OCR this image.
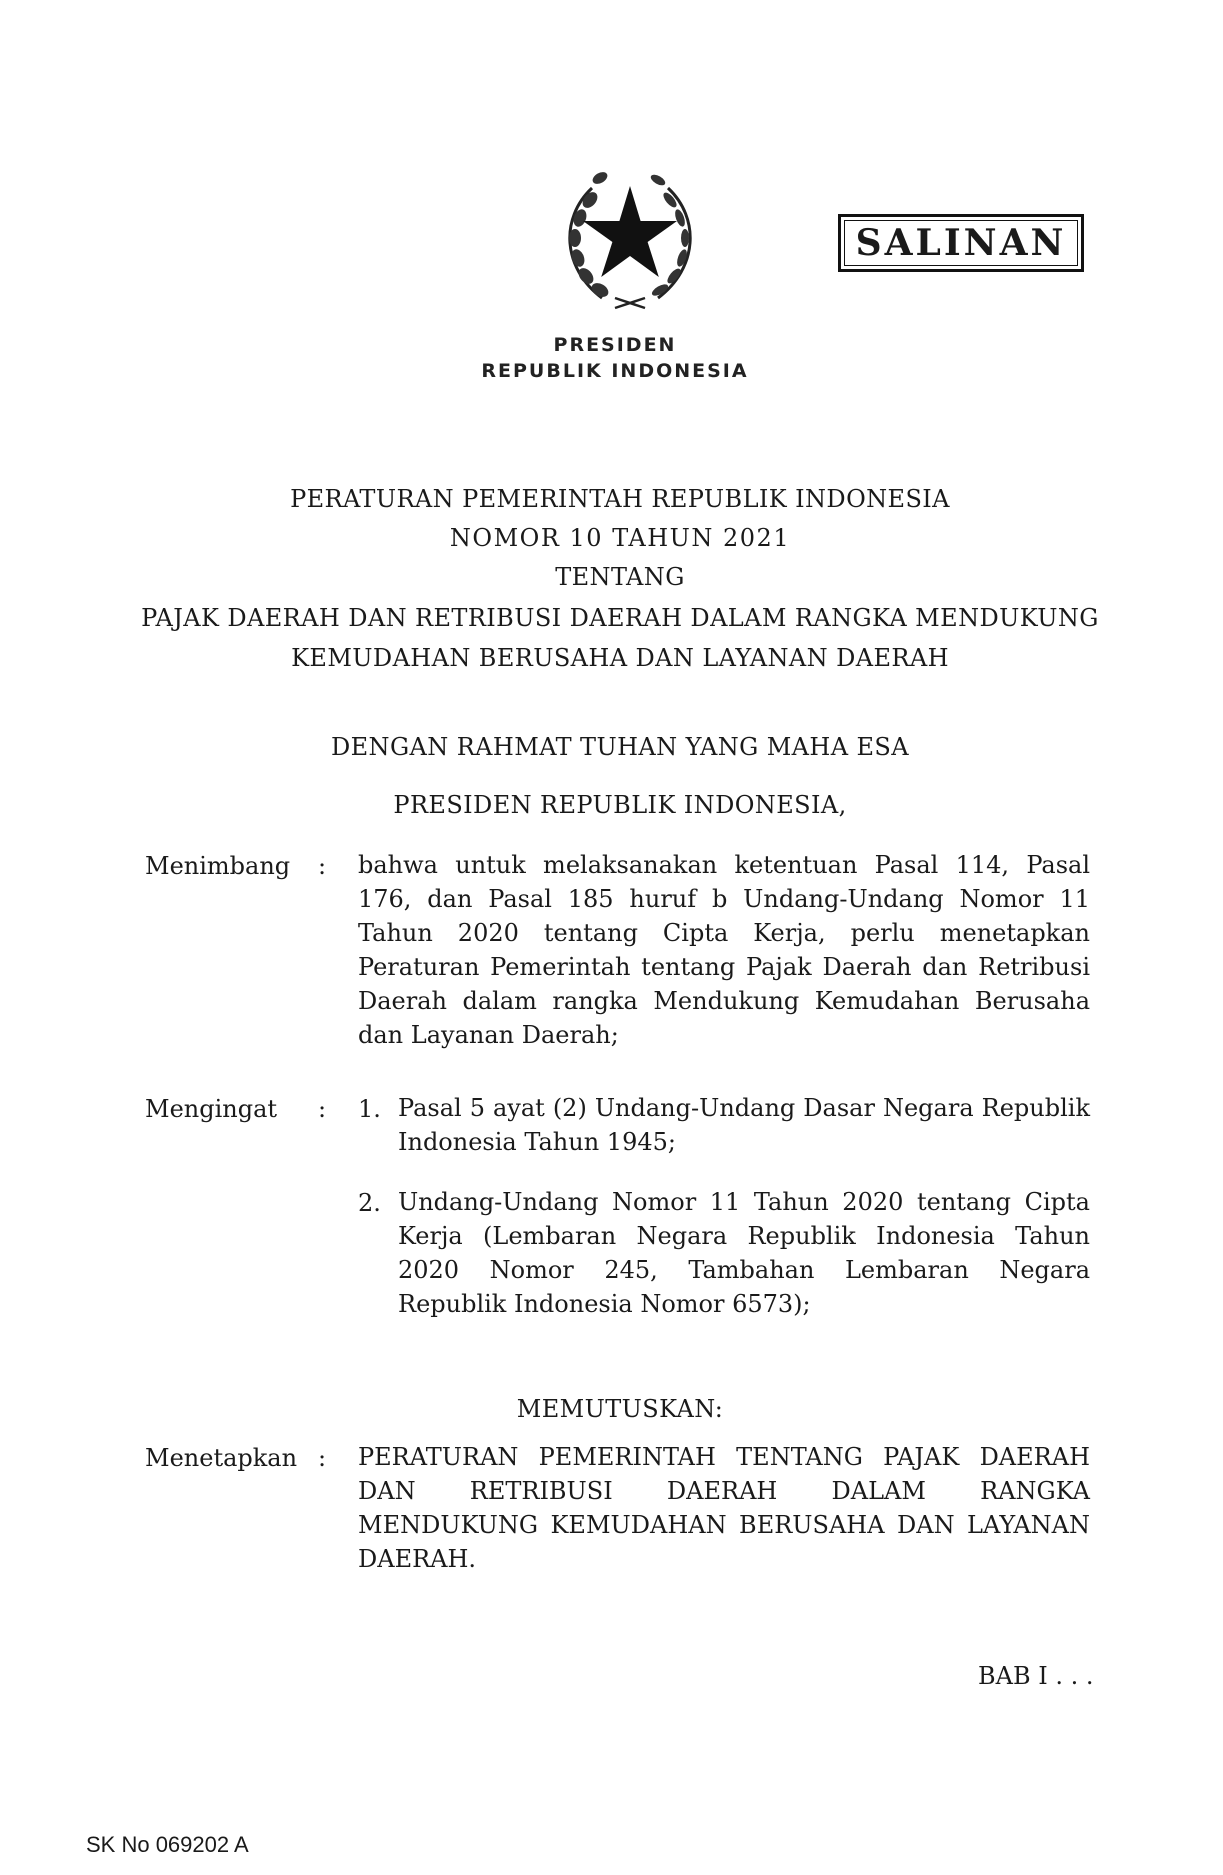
PRESIDEN
REPUBLIK INDONESIA
SALINAN
PERATURAN PEMERINTAH REPUBLIK INDONESIA
NOMOR 10 TAHUN 2021
TENTANG
PAJAK DAERAH DAN RETRIBUSI DAERAH DALAM RANGKA MENDUKUNG
KEMUDAHAN BERUSAHA DAN LAYANAN DAERAH
DENGAN RAHMAT TUHAN YANG MAHA ESA
PRESIDEN REPUBLIK INDONESIA,
Menimbang : bahwa untuk melaksanakan ketentuan Pasal 114, Pasal 176, dan Pasal 185 huruf b Undang-Undang Nomor 11 Tahun 2020 tentang Cipta Kerja, perlu menetapkan Peraturan Pemerintah tentang Pajak Daerah dan Retribusi Daerah dalam rangka Mendukung Kemudahan Berusaha dan Layanan Daerah;
Mengingat : 1. Pasal 5 ayat (2) Undang-Undang Dasar Negara Republik Indonesia Tahun 1945;
2. Undang-Undang Nomor 11 Tahun 2020 tentang Cipta Kerja (Lembaran Negara Republik Indonesia Tahun 2020 Nomor 245, Tambahan Lembaran Negara Republik Indonesia Nomor 6573);
MEMUTUSKAN:
Menetapkan : PERATURAN PEMERINTAH TENTANG PAJAK DAERAH DAN RETRIBUSI DAERAH DALAM RANGKA MENDUKUNG KEMUDAHAN BERUSAHA DAN LAYANAN DAERAH.
BAB I . . .
SK No 069202 A
